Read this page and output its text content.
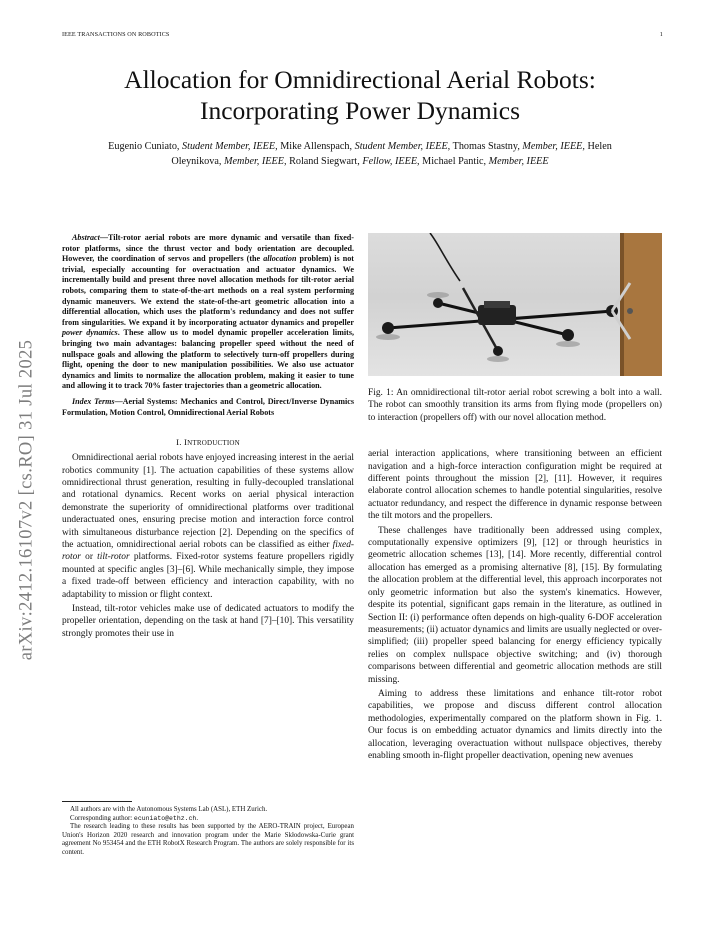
IEEE TRANSACTIONS ON ROBOTICS	1
Allocation for Omnidirectional Aerial Robots:
Incorporating Power Dynamics
Eugenio Cuniato, Student Member, IEEE, Mike Allenspach, Student Member, IEEE, Thomas Stastny, Member, IEEE, Helen Oleynikova, Member, IEEE, Roland Siegwart, Fellow, IEEE, Michael Pantic, Member, IEEE
arXiv:2412.16107v2 [cs.RO] 31 Jul 2025

Abstract—Tilt-rotor aerial robots are more dynamic and versatile than fixed-rotor platforms, since the thrust vector and body orientation are decoupled. However, the coordination of servos and propellers (the allocation problem) is not trivial, especially accounting for overactuation and actuator dynamics. We incrementally build and present three novel allocation methods for tilt-rotor aerial robots, comparing them to state-of-the-art methods on a real system performing dynamic maneuvers. We extend the state-of-the-art geometric allocation into a differential allocation, which uses the platform's redundancy and does not suffer from singularities. We expand it by incorporating actuator dynamics and propeller power dynamics. These allow us to model dynamic propeller acceleration limits, bringing two main advantages: balancing propeller speed without the need of nullspace goals and allowing the platform to selectively turn-off propellers during flight, opening the door to new manipulation possibilities. We also use actuator dynamics and limits to normalize the allocation problem, making it easier to tune and allowing it to track 70% faster trajectories than a geometric allocation.

Index Terms—Aerial Systems: Mechanics and Control, Direct/Inverse Dynamics Formulation, Motion Control, Omnidirectional Aerial Robots

I. INTRODUCTION

Omnidirectional aerial robots have enjoyed increasing interest in the aerial robotics community [1]. The actuation capabilities of these systems allow omnidirectional thrust generation, resulting in fully-decoupled translational and rotational dynamics. Recent works on aerial physical interaction demonstrate the superiority of omnidirectional platforms over traditional underactuated ones, ensuring precise motion and interaction force control with simultaneous disturbance rejection [2]. Depending on the specifics of the actuation, omnidirectional aerial robots can be classified as either fixed-rotor or tilt-rotor platforms. Fixed-rotor systems feature propellers rigidly mounted at specific angles [3]–[6]. While mechanically simple, they impose a fixed trade-off between efficiency and interaction capability, with no adaptability to mission or flight context.

Instead, tilt-rotor vehicles make use of dedicated actuators to modify the propeller orientation, depending on the task at hand [7]–[10]. This versatility strongly promotes their use in

All authors are with the Autonomous Systems Lab (ASL), ETH Zurich.

Corresponding author: ecuniato@ethz.ch.

The research leading to these results has been supported by the AERO-TRAIN project, European Union's Horizon 2020 research and innovation program under the Marie Skłodowska-Curie grant agreement No 953454 and the ETH RobotX Research Program. The authors are solely responsible for its content.

Fig. 1: An omnidirectional tilt-rotor aerial robot screwing a bolt into a wall. The robot can smoothly transition its arms from flying mode (propellers on) to interaction (propellers off) with our novel allocation method.

aerial interaction applications, where transitioning between an efficient navigation and a high-force interaction configuration might be required at different points throughout the mission [2], [11]. However, it requires elaborate control allocation schemes to handle potential singularities, resolve actuator redundancy, and respect the difference in dynamic response between the tilt motors and the propellers.

These challenges have traditionally been addressed using complex, computationally expensive optimizers [9], [12] or through heuristics in geometric allocation schemes [13], [14]. More recently, differential control allocation has emerged as a promising alternative [8], [15]. By formulating the allocation problem at the differential level, this approach incorporates not only geometric information but also the system's kinematics. However, despite its potential, significant gaps remain in the literature, as outlined in Section II: (i) performance often depends on high-quality 6-DOF acceleration measurements; (ii) actuator dynamics and limits are usually neglected or over-simplified; (iii) propeller speed balancing for energy efficiency typically relies on complex nullspace objective switching; and (iv) thorough comparisons between differential and geometric allocation methods are still missing.

Aiming to address these limitations and enhance tilt-rotor robot capabilities, we propose and discuss different control allocation methodologies, experimentally compared on the platform shown in Fig. 1. Our focus is on embedding actuator dynamics and limits directly into the allocation, leveraging overactuation without nullspace objectives, thereby enabling smooth in-flight propeller deactivation, opening new avenues
